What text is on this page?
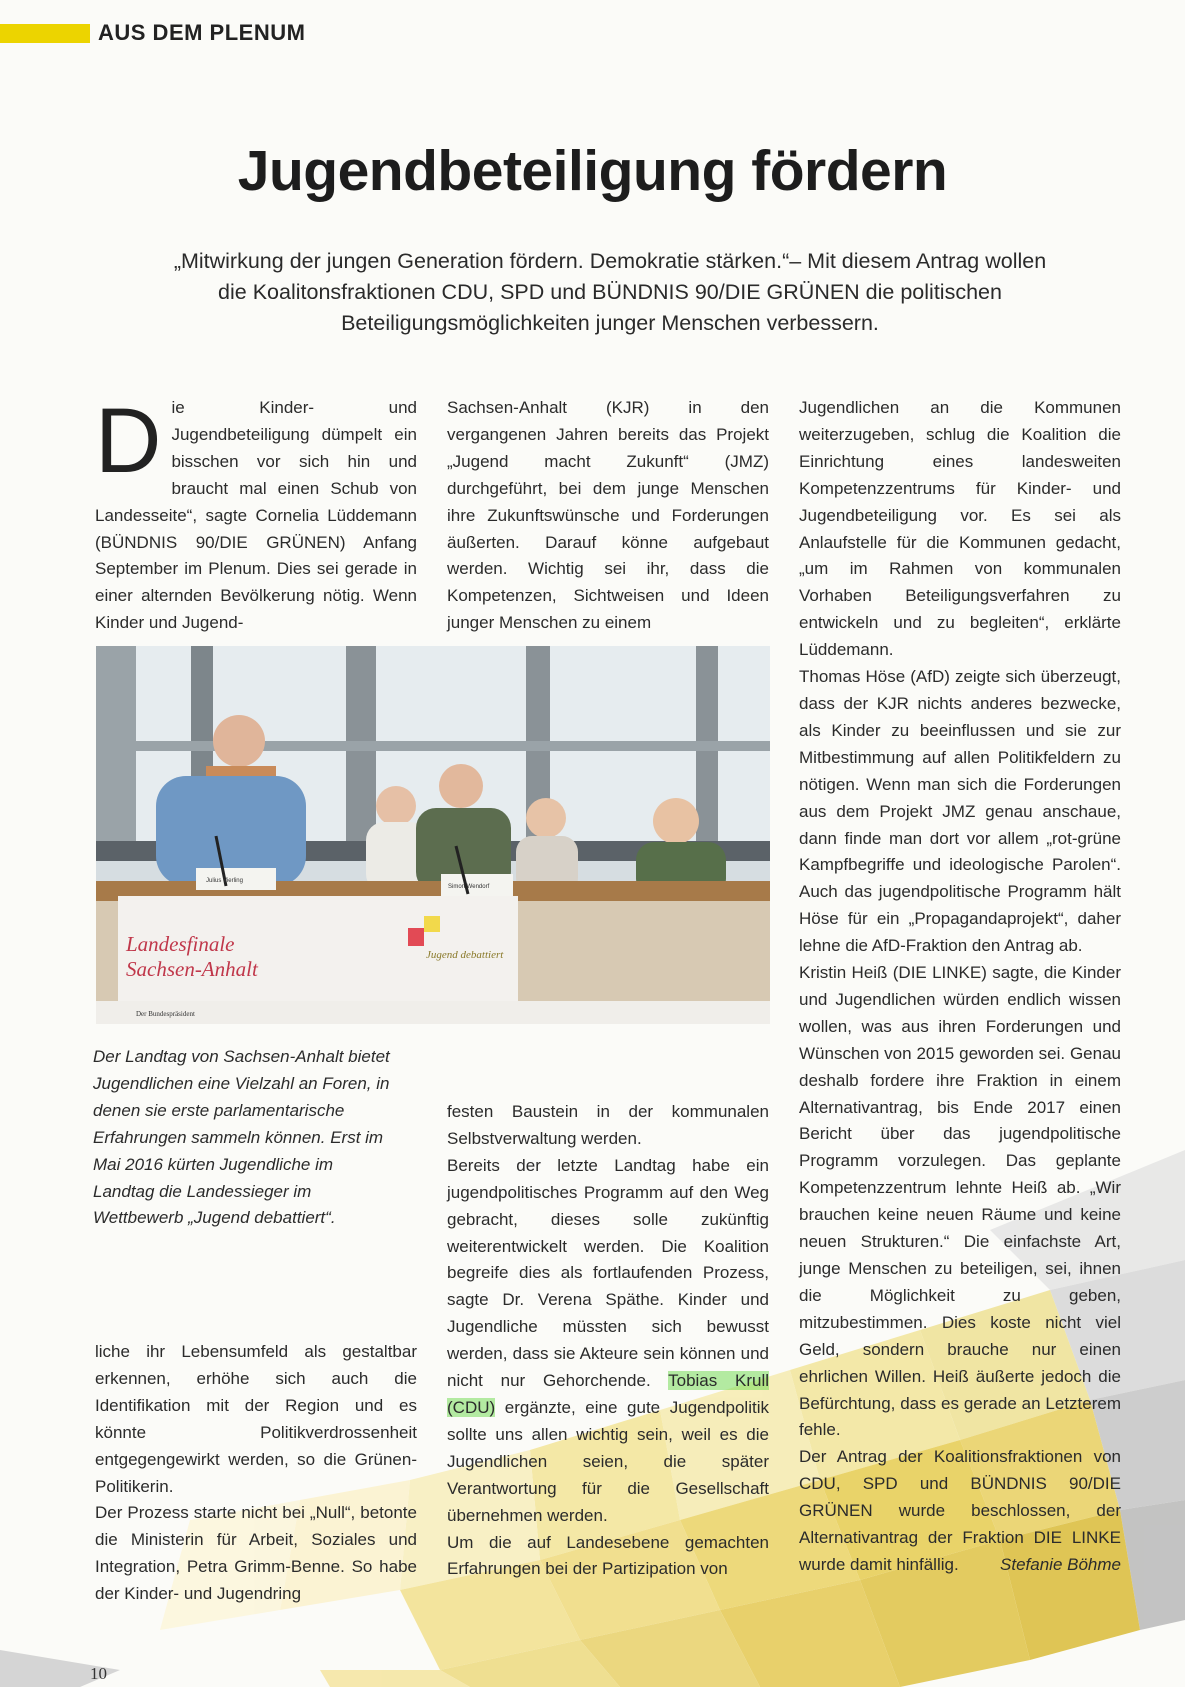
AUS DEM PLENUM
Jugendbeteiligung fördern
„Mitwirkung der jungen Generation fördern. Demokratie stärken.“– Mit diesem Antrag wollen die Koalitonsfraktionen CDU, SPD und BÜNDNIS 90/DIE GRÜNEN die politischen Beteiligungsmöglichkeiten junger Menschen verbessern.

Die Kinder- und Jugendbeteiligung dümpelt ein bisschen vor sich hin und braucht mal einen Schub von Landesseite“, sagte Cornelia Lüddemann (BÜNDNIS 90/DIE GRÜNEN) Anfang September im Plenum. Dies sei gerade in einer alternden Bevölkerung nötig. Wenn Kinder und Jugend-

liche ihr Lebensumfeld als gestaltbar erkennen, erhöhe sich auch die Identifikation mit der Region und es könnte Politikverdrossenheit entgegengewirkt werden, so die Grünen-Politikerin.

Der Prozess starte nicht bei „Null“, betonte die Ministerin für Arbeit, Soziales und Integration, Petra Grimm-Benne. So habe der Kinder- und Jugendring

Sachsen-Anhalt (KJR) in den vergangenen Jahren bereits das Projekt „Jugend macht Zukunft“ (JMZ) durchgeführt, bei dem junge Menschen ihre Zukunftswünsche und Forderungen äußerten. Darauf könne aufgebaut werden. Wichtig sei ihr, dass die Kompetenzen, Sichtweisen und Ideen junger Menschen zu einem

festen Baustein in der kommunalen Selbstverwaltung werden.

Bereits der letzte Landtag habe ein jugendpolitisches Programm auf den Weg gebracht, dieses solle zukünftig weiterentwickelt werden. Die Koalition begreife dies als fortlaufenden Prozess, sagte Dr. Verena Späthe. Kinder und Jugendliche müssten sich bewusst werden, dass sie Akteure sein können und nicht nur Gehorchende. Tobias Krull (CDU) ergänzte, eine gute Jugendpolitik sollte uns allen wichtig sein, weil es die Jugendlichen seien, die später Verantwortung für die Gesellschaft übernehmen werden.

Um die auf Landesebene gemachten Erfahrungen bei der Partizipation von

Jugendlichen an die Kommunen weiterzugeben, schlug die Koalition die Einrichtung eines landesweiten Kompetenzzentrums für Kinder- und Jugendbeteiligung vor. Es sei als Anlaufstelle für die Kommunen gedacht, „um im Rahmen von kommunalen Vorhaben Beteiligungsverfahren zu entwickeln und zu begleiten“, erklärte Lüddemann.

Thomas Höse (AfD) zeigte sich überzeugt, dass der KJR nichts anderes bezwecke, als Kinder zu beeinflussen und sie zur Mitbestimmung auf allen Politikfeldern zu nötigen. Wenn man sich die Forderungen aus dem Projekt JMZ genau anschaue, dann finde man dort vor allem „rot-grüne Kampfbegriffe und ideologische Parolen“. Auch das jugendpolitische Programm hält Höse für ein „Propagandaprojekt“, daher lehne die AfD-Fraktion den Antrag ab.

Kristin Heiß (DIE LINKE) sagte, die Kinder und Jugendlichen würden endlich wissen wollen, was aus ihren Forderungen und Wünschen von 2015 geworden sei. Genau deshalb fordere ihre Fraktion in einem Alternativantrag, bis Ende 2017 einen Bericht über das jugendpolitische Programm vorzulegen. Das geplante Kompetenzzentrum lehnte Heiß ab. „Wir brauchen keine neuen Räume und keine neuen Strukturen.“ Die einfachste Art, junge Menschen zu beteiligen, sei, ihnen die Möglichkeit zu geben, mitzubestimmen. Dies koste nicht viel Geld, sondern brauche nur einen ehrlichen Willen. Heiß äußerte jedoch die Befürchtung, dass es gerade an Letzterem fehle.

Der Antrag der Koalitionsfraktionen von CDU, SPD und BÜNDNIS 90/DIE GRÜNEN wurde beschlossen, der Alternativantrag der Fraktion DIE LINKE wurde damit hinfällig. Stefanie Böhme

Landesfinale
Sachsen-Anhalt
Jugend debattiert
Der Bundespräsident
Julius Vierling
Simon Wendorf
Der Landtag von Sachsen-Anhalt bietet Jugendlichen eine Vielzahl an Foren, in denen sie erste parlamentarische Erfahrungen sammeln können. Erst im Mai 2016 kürten Jugendliche im Landtag die Landessieger im Wettbewerb „Jugend debattiert“.
10
